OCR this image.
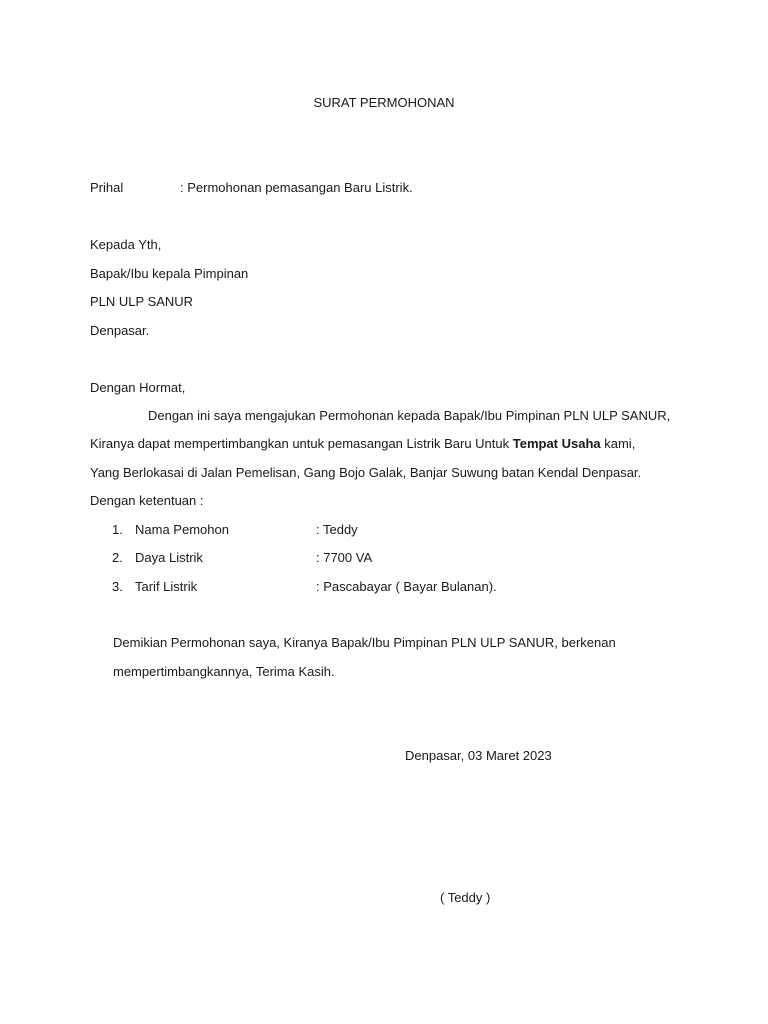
SURAT PERMOHONAN
Prihal	: Permohonan pemasangan Baru Listrik.
Kepada Yth,
Bapak/Ibu kepala Pimpinan
PLN ULP SANUR
Denpasar.
Dengan Hormat,
Dengan ini saya mengajukan Permohonan kepada Bapak/Ibu Pimpinan PLN ULP SANUR,
Kiranya dapat mempertimbangkan untuk pemasangan Listrik Baru Untuk Tempat Usaha kami,
Yang Berlokasai di Jalan Pemelisan, Gang Bojo Galak, Banjar Suwung batan Kendal Denpasar.
Dengan ketentuan :
1. Nama Pemohon	: Teddy
2. Daya Listrik	: 7700 VA
3. Tarif Listrik	: Pascabayar ( Bayar Bulanan).
Demikian Permohonan saya, Kiranya Bapak/Ibu Pimpinan PLN ULP SANUR, berkenan
mempertimbangkannya, Terima Kasih.
Denpasar, 03 Maret 2023
( Teddy )
